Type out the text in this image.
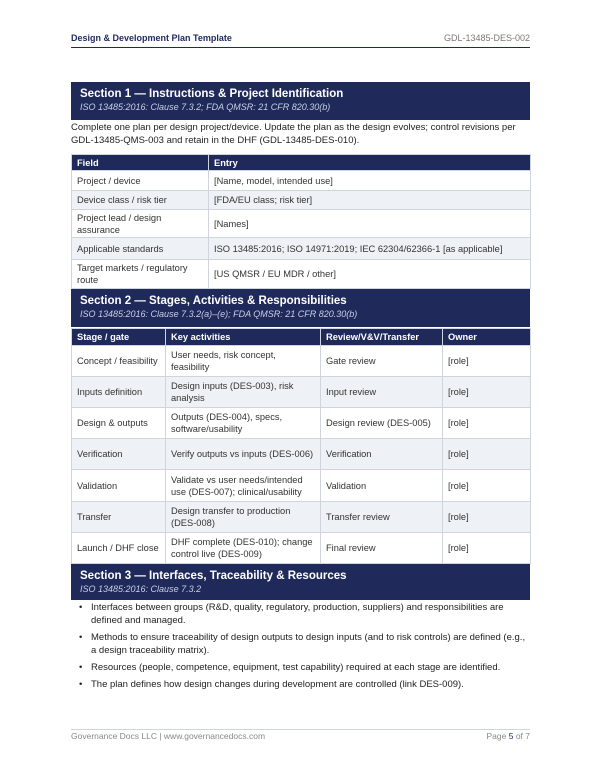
Design & Development Plan Template	GDL-13485-DES-002
Section 1 — Instructions & Project Identification
ISO 13485:2016: Clause 7.3.2; FDA QMSR: 21 CFR 820.30(b)
Complete one plan per design project/device. Update the plan as the design evolves; control revisions per GDL-13485-QMS-003 and retain in the DHF (GDL-13485-DES-010).
Field	Entry
Project / device	[Name, model, intended use]
Device class / risk tier	[FDA/EU class; risk tier]
Project lead / design assurance	[Names]
Applicable standards	ISO 13485:2016; ISO 14971:2019; IEC 62304/62366-1 [as applicable]
Target markets / regulatory route	[US QMSR / EU MDR / other]
Section 2 — Stages, Activities & Responsibilities
ISO 13485:2016: Clause 7.3.2(a)–(e); FDA QMSR: 21 CFR 820.30(b)
Stage / gate	Key activities	Review/V&V/Transfer	Owner
Concept / feasibility	User needs, risk concept, feasibility	Gate review	[role]
Inputs definition	Design inputs (DES-003), risk analysis	Input review	[role]
Design & outputs	Outputs (DES-004), specs, software/usability	Design review (DES-005)	[role]
Verification	Verify outputs vs inputs (DES-006)	Verification	[role]
Validation	Validate vs user needs/intended use (DES-007); clinical/usability	Validation	[role]
Transfer	Design transfer to production (DES-008)	Transfer review	[role]
Launch / DHF close	DHF complete (DES-010); change control live (DES-009)	Final review	[role]
Section 3 — Interfaces, Traceability & Resources
ISO 13485:2016: Clause 7.3.2
• Interfaces between groups (R&D, quality, regulatory, production, suppliers) and responsibilities are defined and managed.
• Methods to ensure traceability of design outputs to design inputs (and to risk controls) are defined (e.g., a design traceability matrix).
• Resources (people, competence, equipment, test capability) required at each stage are identified.
• The plan defines how design changes during development are controlled (link DES-009).
Governance Docs LLC | www.governancedocs.com	Page 5 of 7
